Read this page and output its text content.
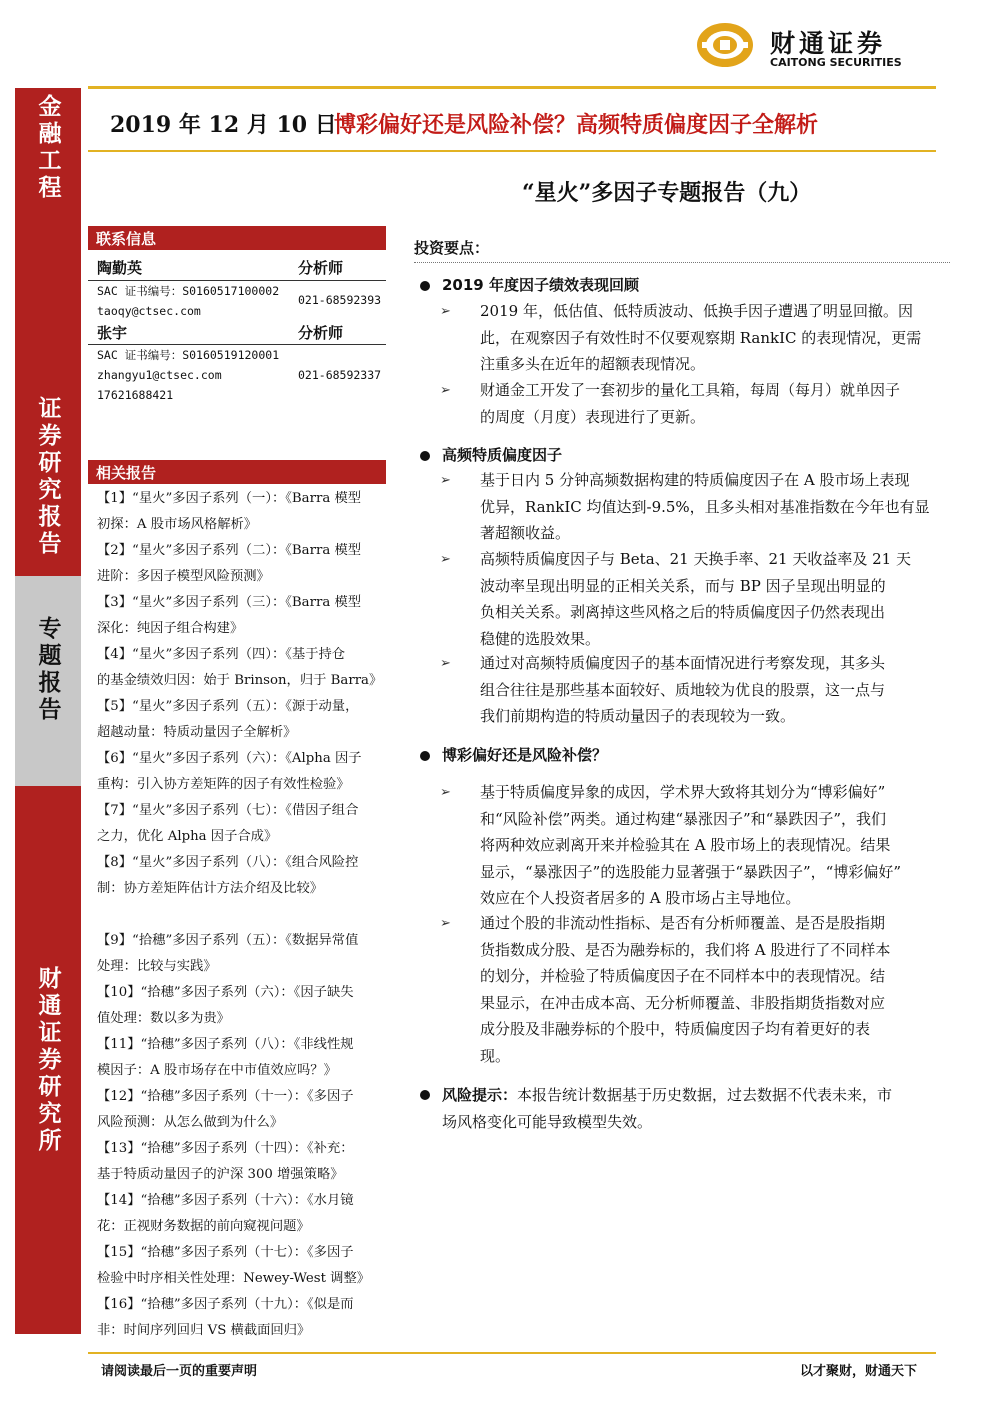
财通证券
CAITONG SECURITIES
2019 年 12 月 10 日
博彩偏好还是风险补偿？高频特质偏度因子全解析
“星火”多因子专题报告（九）
金融工程
证券研究报告
专题报告
财通证券研究所
联系信息
陶勤英	分析师
SAC 证书编号：S0160517100002
021-68592393
taoqy@ctsec.com
张宇	分析师
SAC 证书编号：S0160519120001
021-68592337
zhangyu1@ctsec.com
17621688421
相关报告
【1】“星火”多因子系列（一）：《Barra 模型
初探：A 股市场风格解析》
【2】“星火”多因子系列（二）：《Barra 模型
进阶：多因子模型风险预测》
【3】“星火”多因子系列（三）：《Barra 模型
深化：纯因子组合构建》
【4】“星火”多因子系列（四）：《基于持仓
的基金绩效归因：始于 Brinson，归于 Barra》
【5】“星火”多因子系列（五）：《源于动量，
超越动量：特质动量因子全解析》
【6】“星火”多因子系列（六）：《Alpha 因子
重构：引入协方差矩阵的因子有效性检验》
【7】“星火”多因子系列（七）：《借因子组合
之力，优化 Alpha 因子合成》
【8】“星火”多因子系列（八）：《组合风险控
制：协方差矩阵估计方法介绍及比较》
【9】“拾穗”多因子系列（五）：《数据异常值
处理：比较与实践》
【10】“拾穗”多因子系列（六）：《因子缺失
值处理：数以多为贵》
【11】“拾穗”多因子系列（八）：《非线性规
模因子：A 股市场存在中市值效应吗？》
【12】“拾穗”多因子系列（十一）：《多因子
风险预测：从怎么做到为什么》
【13】“拾穗”多因子系列（十四）：《补充：
基于特质动量因子的沪深 300 增强策略》
【14】“拾穗”多因子系列（十六）：《水月镜
花：正视财务数据的前向窥视问题》
【15】“拾穗”多因子系列（十七）：《多因子
检验中时序相关性处理：Newey-West 调整》
【16】“拾穗”多因子系列（十九）：《似是而
非：时间序列回归 VS 横截面回归》
投资要点：
2019 年度因子绩效表现回顾
➢ 2019 年，低估值、低特质波动、低换手因子遭遇了明显回撤。因
此，在观察因子有效性时不仅要观察期 RankIC 的表现情况，更需
注重多头在近年的超额表现情况。
➢ 财通金工开发了一套初步的量化工具箱，每周（每月）就单因子
的周度（月度）表现进行了更新。
高频特质偏度因子
➢ 基于日内 5 分钟高频数据构建的特质偏度因子在 A 股市场上表现
优异，RankIC 均值达到-9.5%，且多头相对基准指数在今年也有显
著超额收益。
➢ 高频特质偏度因子与 Beta、21 天换手率、21 天收益率及 21 天
波动率呈现出明显的正相关关系，而与 BP 因子呈现出明显的
负相关关系。剥离掉这些风格之后的特质偏度因子仍然表现出
稳健的选股效果。
➢ 通过对高频特质偏度因子的基本面情况进行考察发现，其多头
组合往往是那些基本面较好、质地较为优良的股票，这一点与
我们前期构造的特质动量因子的表现较为一致。
博彩偏好还是风险补偿？
➢ 基于特质偏度异象的成因，学术界大致将其划分为“博彩偏好”
和“风险补偿”两类。通过构建“暴涨因子”和“暴跌因子”，我们
将两种效应剥离开来并检验其在 A 股市场上的表现情况。结果
显示，“暴涨因子”的选股能力显著强于“暴跌因子”，“博彩偏好”
效应在个人投资者居多的 A 股市场占主导地位。
➢ 通过个股的非流动性指标、是否有分析师覆盖、是否是股指期
货指数成分股、是否为融券标的，我们将 A 股进行了不同样本
的划分，并检验了特质偏度因子在不同样本中的表现情况。结
果显示，在冲击成本高、无分析师覆盖、非股指期货指数对应
成分股及非融券标的个股中，特质偏度因子均有着更好的表
现。
风险提示：本报告统计数据基于历史数据，过去数据不代表未来，市
场风格变化可能导致模型失效。
请阅读最后一页的重要声明	以才聚财，财通天下
